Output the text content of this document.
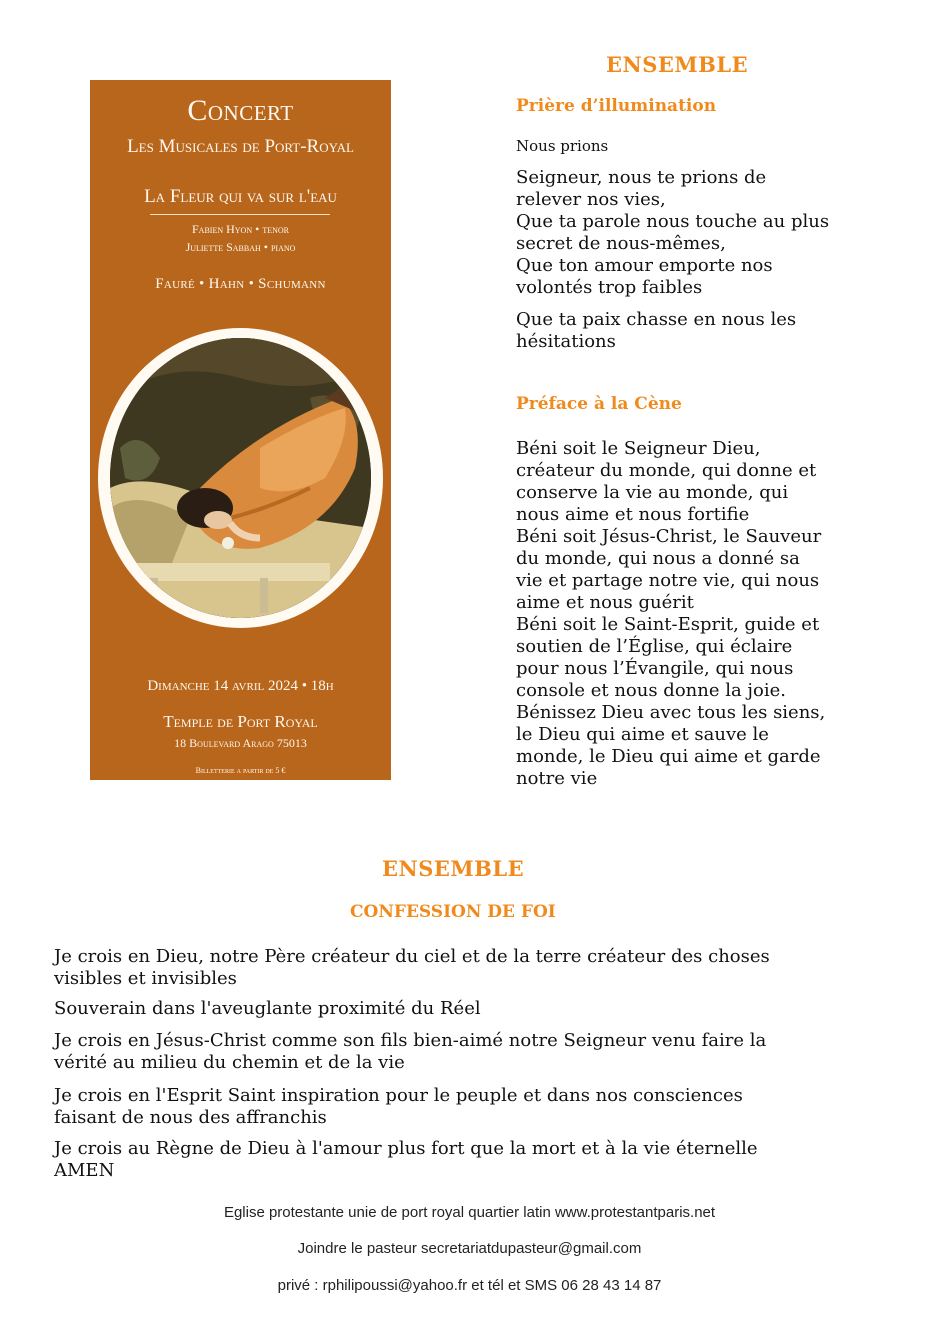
Concert
Les Musicales de Port-Royal
La Fleur qui va sur l'eau
Fabien Hyon • tenor
Juliette Sabbah • piano
Fauré • Hahn • Schumann
Dimanche 14 avril 2024 • 18h
Temple de Port Royal
18 Boulevard Arago 75013
Billetterie a partir de 5 €
ENSEMBLE
Prière d’illumination
Nous prions
Seigneur, nous te prions de
relever nos vies,
Que ta parole nous touche au plus
secret de nous-mêmes,
Que ton amour emporte nos
volontés trop faibles
Que ta paix chasse en nous les
hésitations
Préface à la Cène
Béni soit le Seigneur Dieu,
créateur du monde, qui donne et
conserve la vie au monde, qui
nous aime et nous fortifie
Béni soit Jésus-Christ, le Sauveur
du monde, qui nous a donné sa
vie et partage notre vie, qui nous
aime et nous guérit
Béni soit le Saint-Esprit, guide et
soutien de l’Église, qui éclaire
pour nous l’Évangile, qui nous
console et nous donne la joie.
Bénissez Dieu avec tous les siens,
le Dieu qui aime et sauve le
monde, le Dieu qui aime et garde
notre vie
ENSEMBLE
CONFESSION DE FOI
Je crois en Dieu, notre Père créateur du ciel et de la terre créateur des choses
visibles et invisibles
Souverain dans l'aveuglante proximité du Réel
Je crois en Jésus-Christ comme son fils bien-aimé notre Seigneur venu faire la
vérité au milieu du chemin et de la vie
Je crois en l'Esprit Saint inspiration pour le peuple et dans nos consciences
faisant de nous des affranchis
Je crois au Règne de Dieu à l'amour plus fort que la mort et à la vie éternelle
AMEN
Eglise protestante unie de port royal quartier latin www.protestantparis.net
Joindre le pasteur secretariatdupasteur@gmail.com
privé : rphilipoussi@yahoo.fr et tél et SMS 06 28 43 14 87
